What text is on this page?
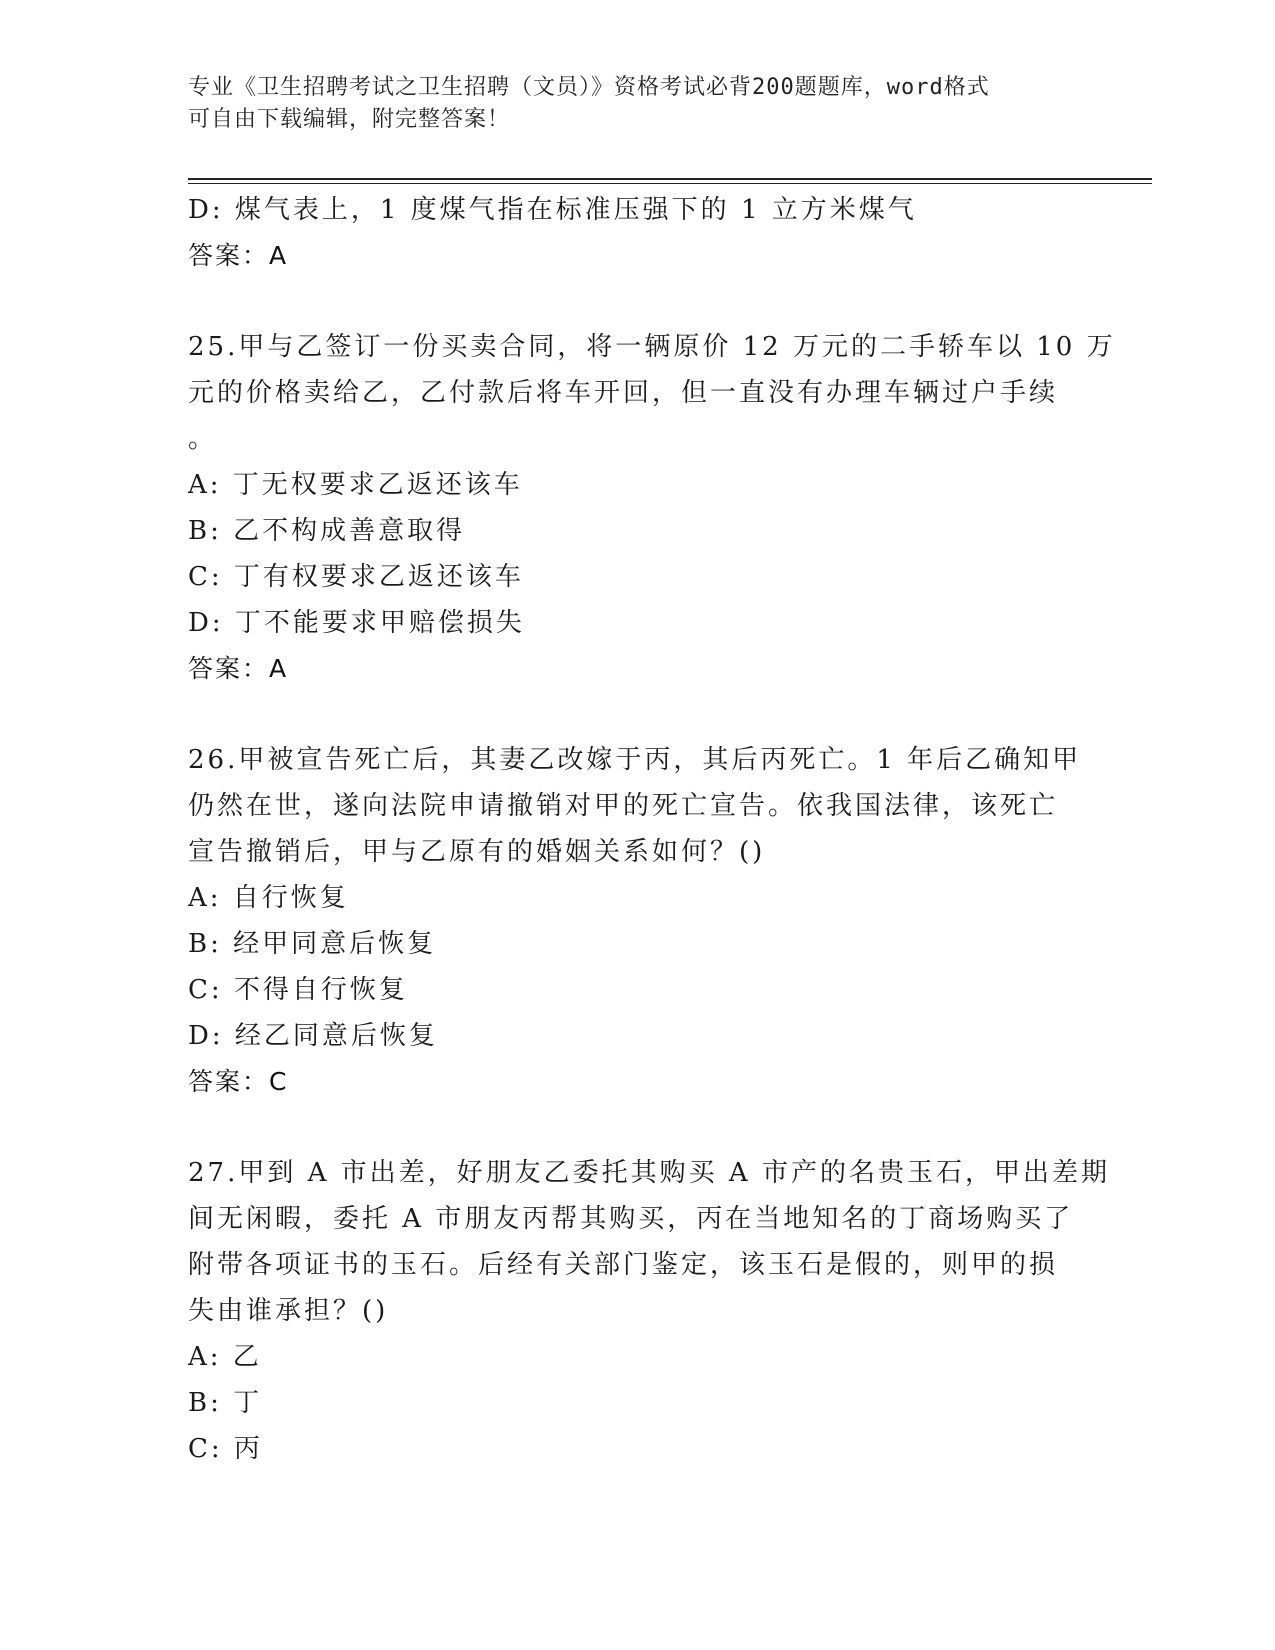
专业《卫生招聘考试之卫生招聘（文员）》资格考试必背200题题库，word格式
可自由下载编辑，附完整答案！
D: 煤气表上，1 度煤气指在标准压强下的 1 立方米煤气
答案：A
25.甲与乙签订一份买卖合同，将一辆原价 12 万元的二手轿车以 10 万
元的价格卖给乙，乙付款后将车开回，但一直没有办理车辆过户手续
。
A: 丁无权要求乙返还该车
B: 乙不构成善意取得
C: 丁有权要求乙返还该车
D: 丁不能要求甲赔偿损失
答案：A
26.甲被宣告死亡后，其妻乙改嫁于丙，其后丙死亡。1 年后乙确知甲
仍然在世，遂向法院申请撤销对甲的死亡宣告。依我国法律，该死亡
宣告撤销后，甲与乙原有的婚姻关系如何？()
A: 自行恢复
B: 经甲同意后恢复
C: 不得自行恢复
D: 经乙同意后恢复
答案：C
27.甲到 A 市出差，好朋友乙委托其购买 A 市产的名贵玉石，甲出差期
间无闲暇，委托 A 市朋友丙帮其购买，丙在当地知名的丁商场购买了
附带各项证书的玉石。后经有关部门鉴定，该玉石是假的，则甲的损
失由谁承担？()
A: 乙
B: 丁
C: 丙
